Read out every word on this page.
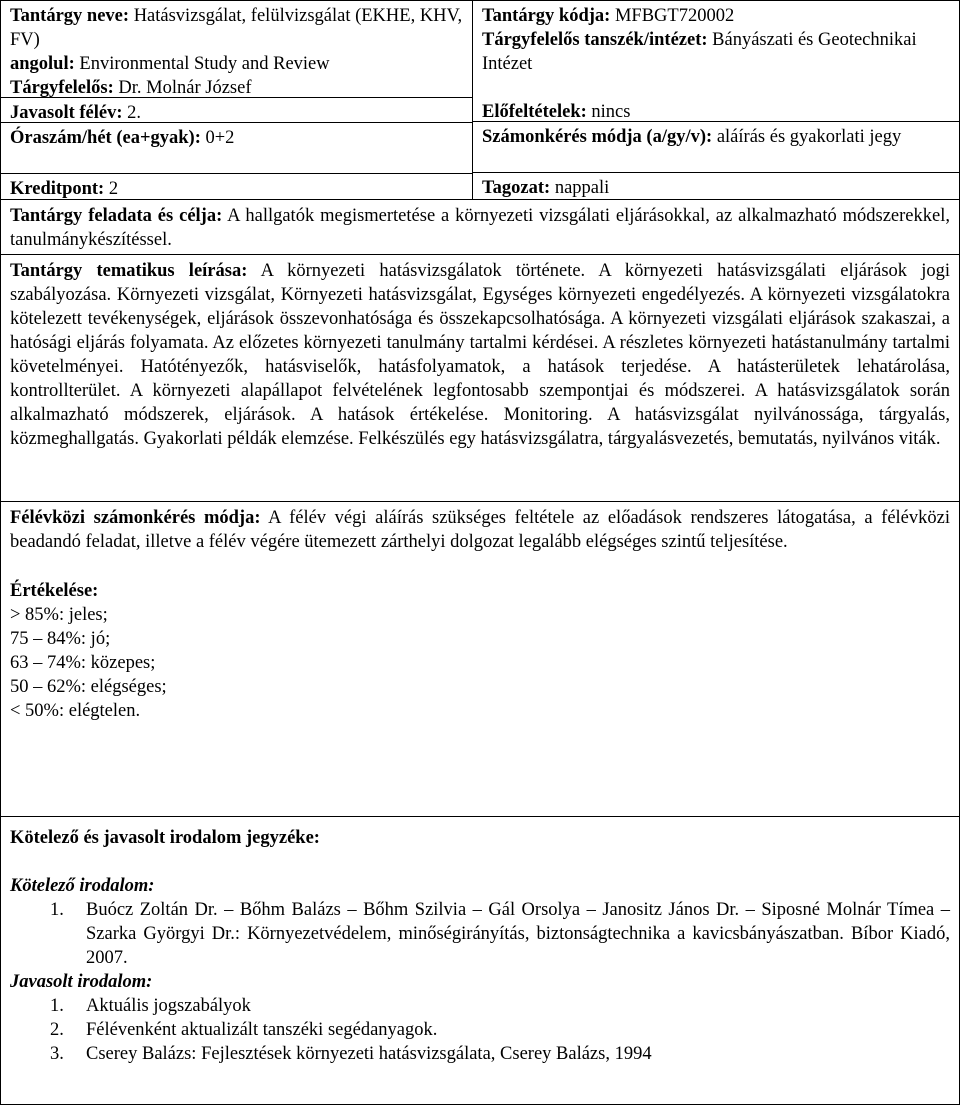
Tantárgy neve: Hatásvizsgálat, felülvizsgálat (EKHE, KHV, FV)
angolul: Environmental Study and Review
Tárgyfelelős: Dr. Molnár József
Javasolt félév: 2.
Óraszám/hét (ea+gyak): 0+2
Kreditpont: 2
Tantárgy kódja: MFBGT720002
Tárgyfelelős tanszék/intézet: Bányászati és Geotechnikai Intézet
Előfeltételek: nincs
Számonkérés módja (a/gy/v): aláírás és gyakorlati jegy
Tagozat: nappali

Tantárgy feladata és célja: A hallgatók megismertetése a környezeti vizsgálati eljárásokkal, az alkalmazható módszerekkel, tanulmánykészítéssel.

Tantárgy tematikus leírása: A környezeti hatásvizsgálatok története. A környezeti hatásvizsgálati eljárások jogi szabályozása. Környezeti vizsgálat, Környezeti hatásvizsgálat, Egységes környezeti engedélyezés. A környezeti vizsgálatokra kötelezett tevékenységek, eljárások összevonhatósága és összekapcsolhatósága. A környezeti vizsgálati eljárások szakaszai, a hatósági eljárás folyamata. Az előzetes környezeti tanulmány tartalmi kérdései. A részletes környezeti hatástanulmány tartalmi követelményei. Hatótényezők, hatásviselők, hatásfolyamatok, a hatások terjedése. A hatásterületek lehatárolása, kontrollterület. A környezeti alapállapot felvételének legfontosabb szempontjai és módszerei. A hatásvizsgálatok során alkalmazható módszerek, eljárások. A hatások értékelése. Monitoring. A hatásvizsgálat nyilvánossága, tárgyalás, közmeghallgatás. Gyakorlati példák elemzése. Felkészülés egy hatásvizsgálatra, tárgyalásvezetés, bemutatás, nyilvános viták.

Félévközi számonkérés módja: A félév végi aláírás szükséges feltétele az előadások rendszeres látogatása, a félévközi beadandó feladat, illetve a félév végére ütemezett zárthelyi dolgozat legalább elégséges szintű teljesítése.

Értékelése:
> 85%: jeles;
75 – 84%: jó;
63 – 74%: közepes;
50 – 62%: elégséges;
< 50%: elégtelen.
Kötelező és javasolt irodalom jegyzéke:
Kötelező irodalom:
1.	Buócz Zoltán Dr. – Bőhm Balázs – Bőhm Szilvia – Gál Orsolya – Janositz János Dr. – Siposné Molnár Tímea – Szarka Györgyi Dr.: Környezetvédelem, minőségirányítás, biztonságtechnika a kavicsbányászatban. Bíbor Kiadó, 2007.
Javasolt irodalom:
1.	Aktuális jogszabályok
2.	Félévenként aktualizált tanszéki segédanyagok.
3.	Cserey Balázs: Fejlesztések környezeti hatásvizsgálata, Cserey Balázs, 1994
